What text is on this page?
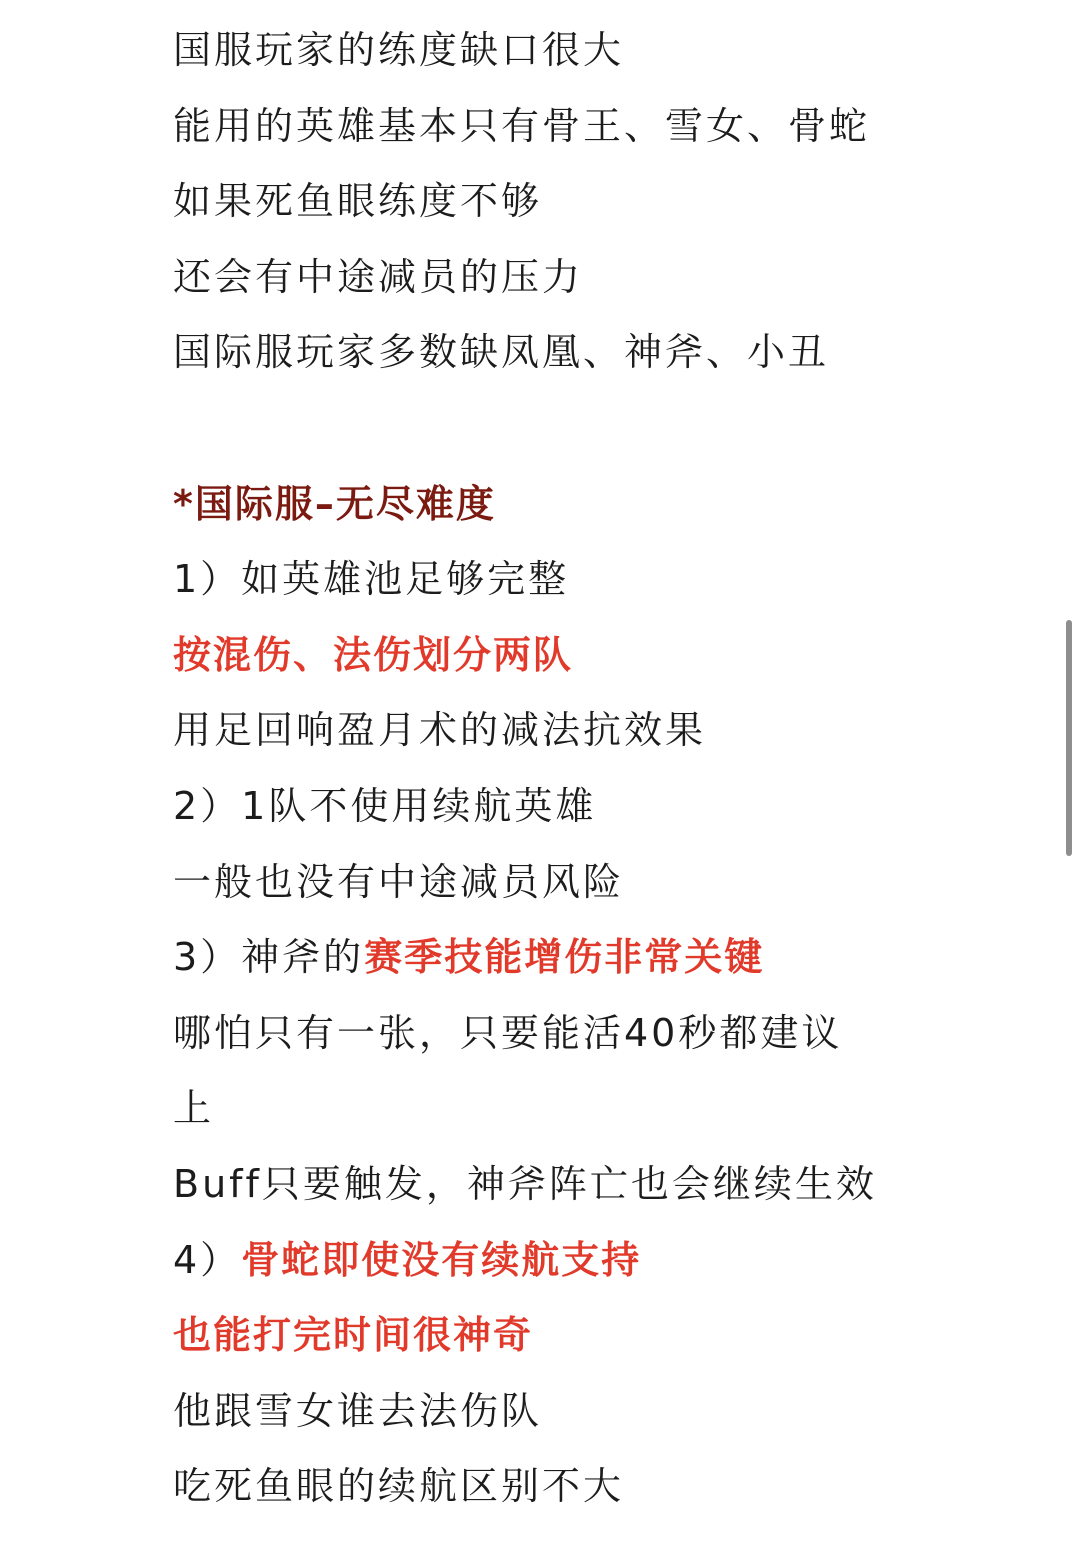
国服玩家的练度缺口很大
能用的英雄基本只有骨王、雪女、骨蛇
如果死鱼眼练度不够
还会有中途减员的压力
国际服玩家多数缺凤凰、神斧、小丑
*国际服–无尽难度
1）如英雄池足够完整
按混伤、法伤划分两队
用足回响盈月术的减法抗效果
2）1队不使用续航英雄
一般也没有中途减员风险
3）神斧的赛季技能增伤非常关键
哪怕只有一张，只要能活40秒都建议
上
Buff只要触发，神斧阵亡也会继续生效
4）骨蛇即使没有续航支持
也能打完时间很神奇
他跟雪女谁去法伤队
吃死鱼眼的续航区别不大
